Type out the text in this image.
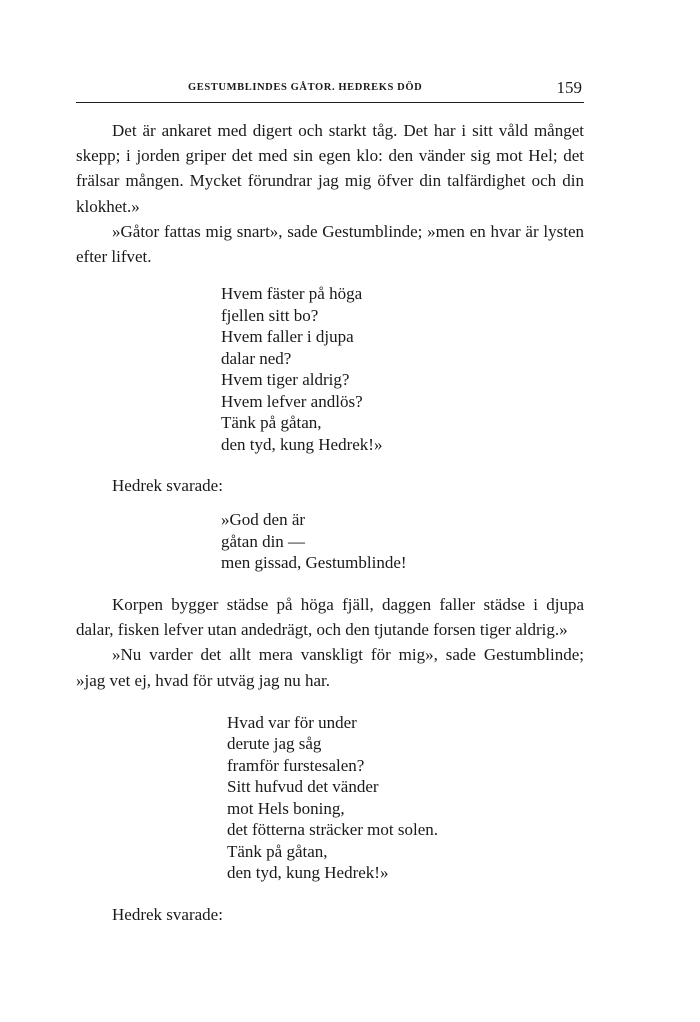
GESTUMBLINDES GÅTOR. HEDREKS DÖD	159

Det är ankaret med digert och starkt tåg. Det har i sitt våld månget skepp; i jorden griper det med sin egen klo: den vänder sig mot Hel; det frälsar mången. Mycket förundrar jag mig öfver din talfärdighet och din klokhet.»

»Gåtor fattas mig snart», sade Gestumblinde; »men en hvar är lysten efter lifvet.

Hvem fäster på höga
fjellen sitt bo?
Hvem faller i djupa
dalar ned?
Hvem tiger aldrig?
Hvem lefver andlös?
Tänk på gåtan,
den tyd, kung Hedrek!»

Hedrek svarade:

»God den är
gåtan din —
men gissad, Gestumblinde!

Korpen bygger städse på höga fjäll, daggen faller städse i djupa dalar, fisken lefver utan andedrägt, och den tjutande forsen tiger aldrig.»

»Nu varder det allt mera vanskligt för mig», sade Gestumblinde; »jag vet ej, hvad för utväg jag nu har.

Hvad var för under
derute jag såg
framför furstesalen?
Sitt hufvud det vänder
mot Hels boning,
det fötterna sträcker mot solen.
Tänk på gåtan,
den tyd, kung Hedrek!»

Hedrek svarade:
